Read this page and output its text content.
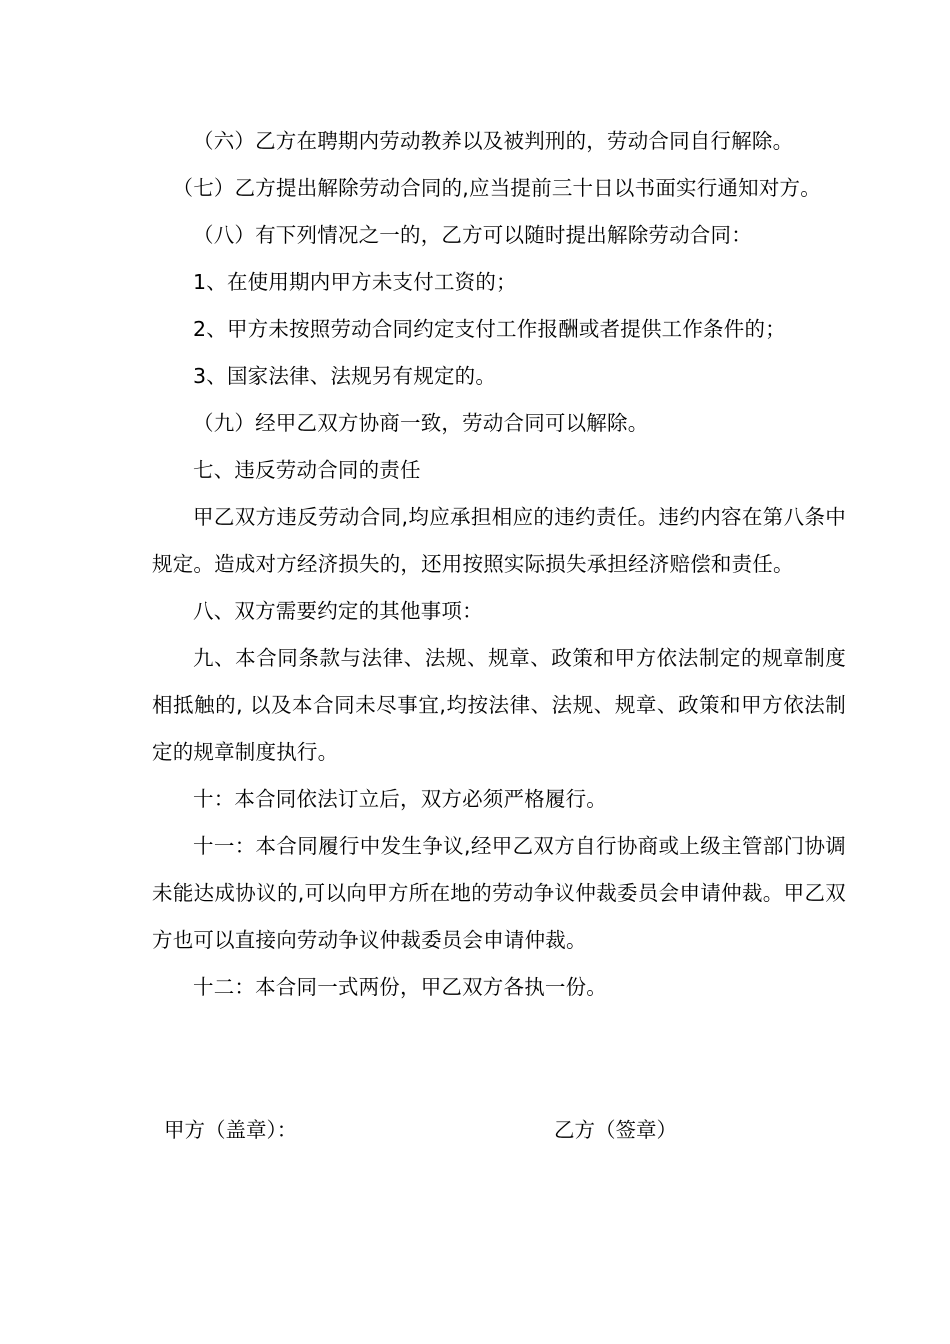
（六）乙方在聘期内劳动教养以及被判刑的，劳动合同自行解除。

（七）乙方提出解除劳动合同的,应当提前三十日以书面实行通知对方。

（八）有下列情况之一的，乙方可以随时提出解除劳动合同：

1、在使用期内甲方未支付工资的；

2、甲方未按照劳动合同约定支付工作报酬或者提供工作条件的；

3、国家法律、法规另有规定的。

（九）经甲乙双方协商一致，劳动合同可以解除。

七、违反劳动合同的责任

甲乙双方违反劳动合同,均应承担相应的违约责任。违约内容在第八条中规定。造成对方经济损失的，还用按照实际损失承担经济赔偿和责任。

八、双方需要约定的其他事项：

九、本合同条款与法律、法规、规章、政策和甲方依法制定的规章制度相抵触的, 以及本合同未尽事宜,均按法律、法规、规章、政策和甲方依法制定的规章制度执行。

十：本合同依法订立后，双方必须严格履行。

十一：本合同履行中发生争议,经甲乙双方自行协商或上级主管部门协调未能达成协议的,可以向甲方所在地的劳动争议仲裁委员会申请仲裁。甲乙双方也可以直接向劳动争议仲裁委员会申请仲裁。

十二：本合同一式两份，甲乙双方各执一份。

甲方（盖章）：	乙方（签章）
